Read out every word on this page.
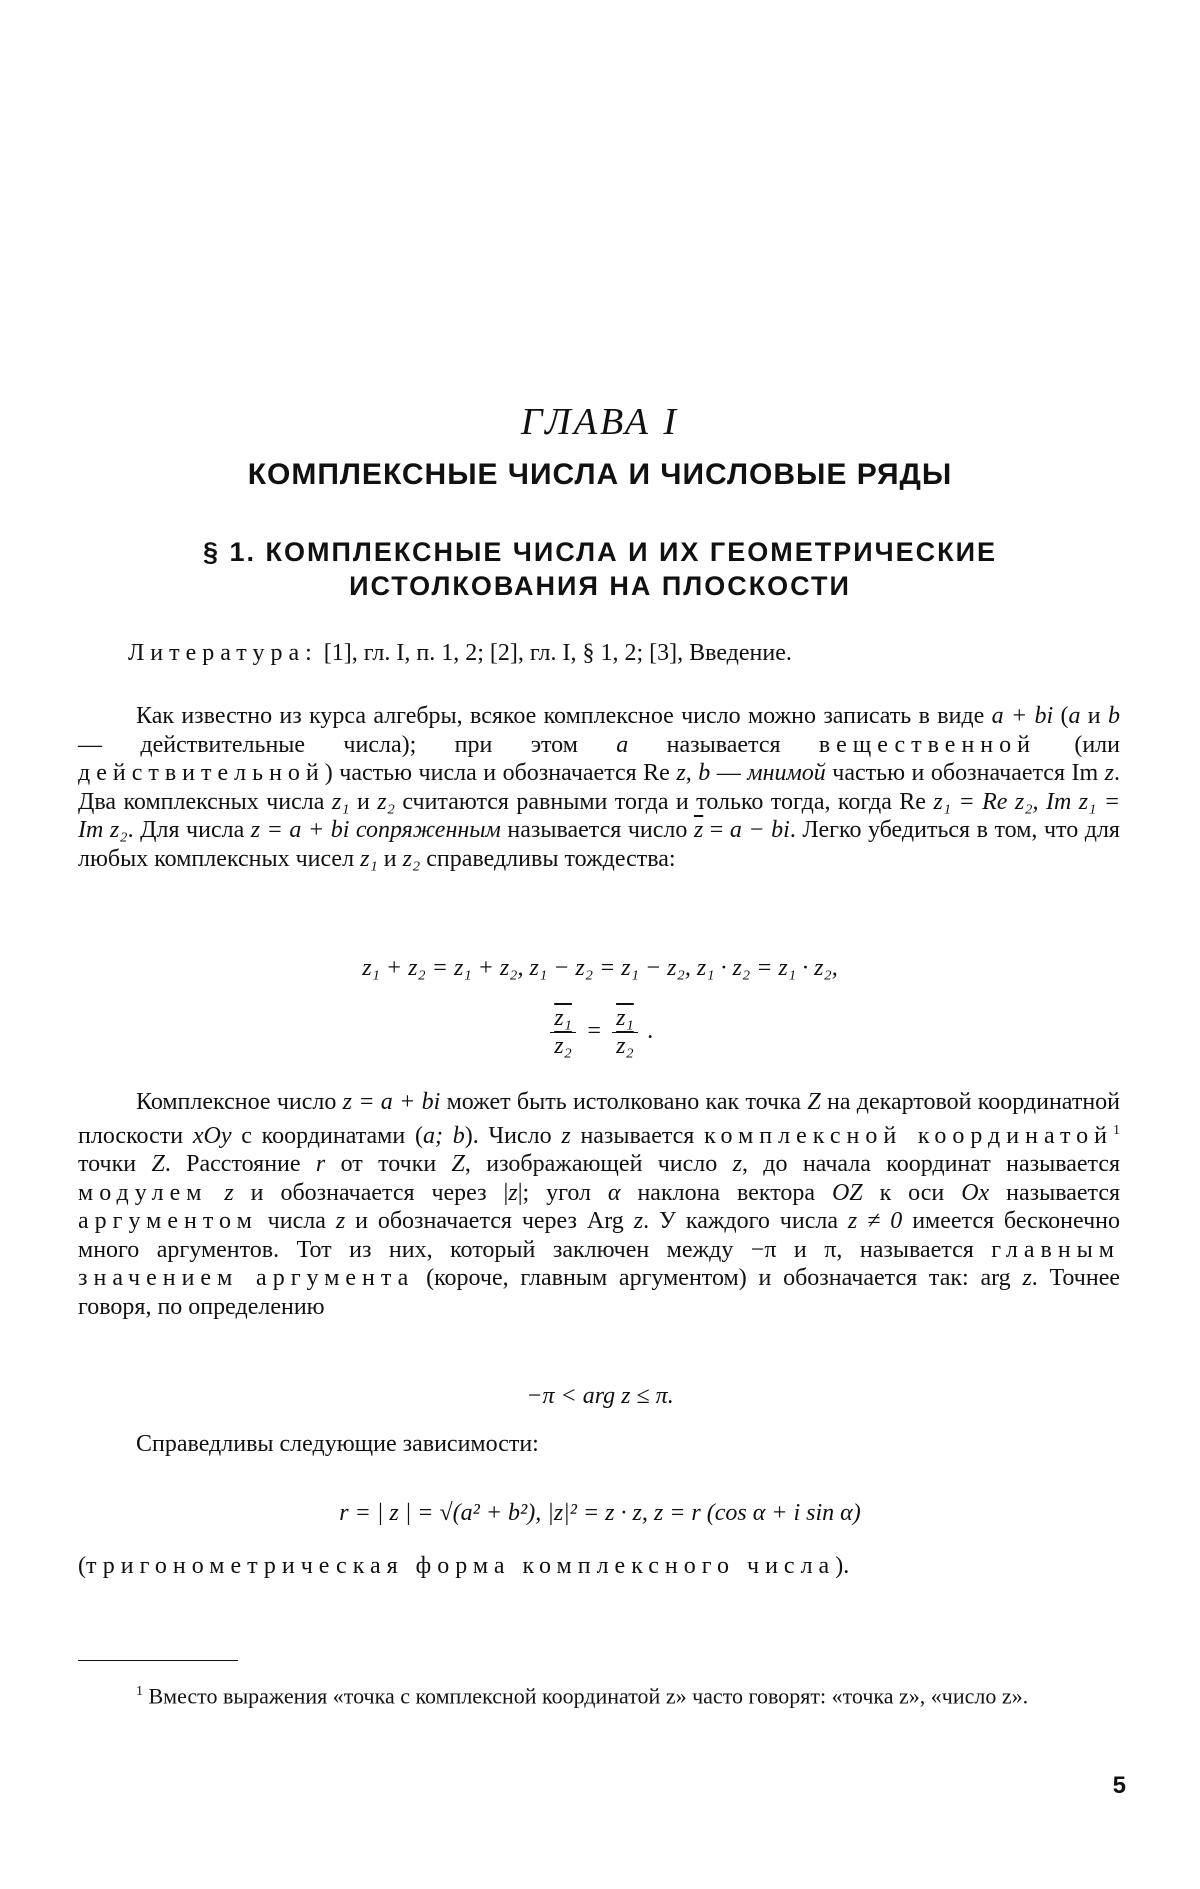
ГЛАВА I
КОМПЛЕКСНЫЕ ЧИСЛА И ЧИСЛОВЫЕ РЯДЫ
§ 1. КОМПЛЕКСНЫЕ ЧИСЛА И ИХ ГЕОМЕТРИЧЕСКИЕ
ИСТОЛКОВАНИЯ НА ПЛОСКОСТИ
Литература: [1], гл. I, п. 1, 2; [2], гл. I, § 1, 2; [3], Введение.
Как известно из курса алгебры, всякое комплексное число можно записать в виде a + bi (a и b — действительные числа); при этом a называется вещественной (или действительной) частью числа и обозначается Re z, b — мнимой частью и обозначается Im z. Два комплексных числа z₁ и z₂ считаются равными тогда и только тогда, когда Re z₁ = Re z₂, Im z₁ = Im z₂. Для числа z = a + bi сопряженным называется число $\overline{z} = a$ − bi. Легко убедиться в том, что для любых комплексных чисел z₁ и z₂ справедливы тождества:
z₁ + z₂ = z₁ + z₂, z₁ − z₂ = z₁ − z₂, z₁ · z₂ = z₁ · z₂,
$\frac{\text{z₁}}{\text{z₂}} = \frac{\text{z₁}}{\text{z₂}}$ .
Комплексное число z = a + bi может быть истолковано как точка Z на декартовой координатной плоскости xOy с координатами (a; b). Число z называется комплексной координатой$^1$ точки Z. Расстояние r от точки Z, изображающей число z, до начала координат называется модулем z и обозначается через |z|; угол α наклона вектора OZ к оси Ox называется аргументом числа z и обозначается через Arg z. У каждого числа z ≠ 0 имеется бесконечно много аргументов. Тот из них, который заключен между −π и π, называется главным значением аргумента (короче, главным аргументом) и обозначается так: arg z. Точнее говоря, по определению
−π < arg z ≤ π.
Справедливы следующие зависимости:
r = | z | = √(a² + b²), |z|² = z · z, z = r (cos α + i sin α)
(тригонометрическая форма комплексного числа).
$^1$ Вместо выражения «точка с комплексной координатой z» часто говорят: «точка z», «число z».
5
